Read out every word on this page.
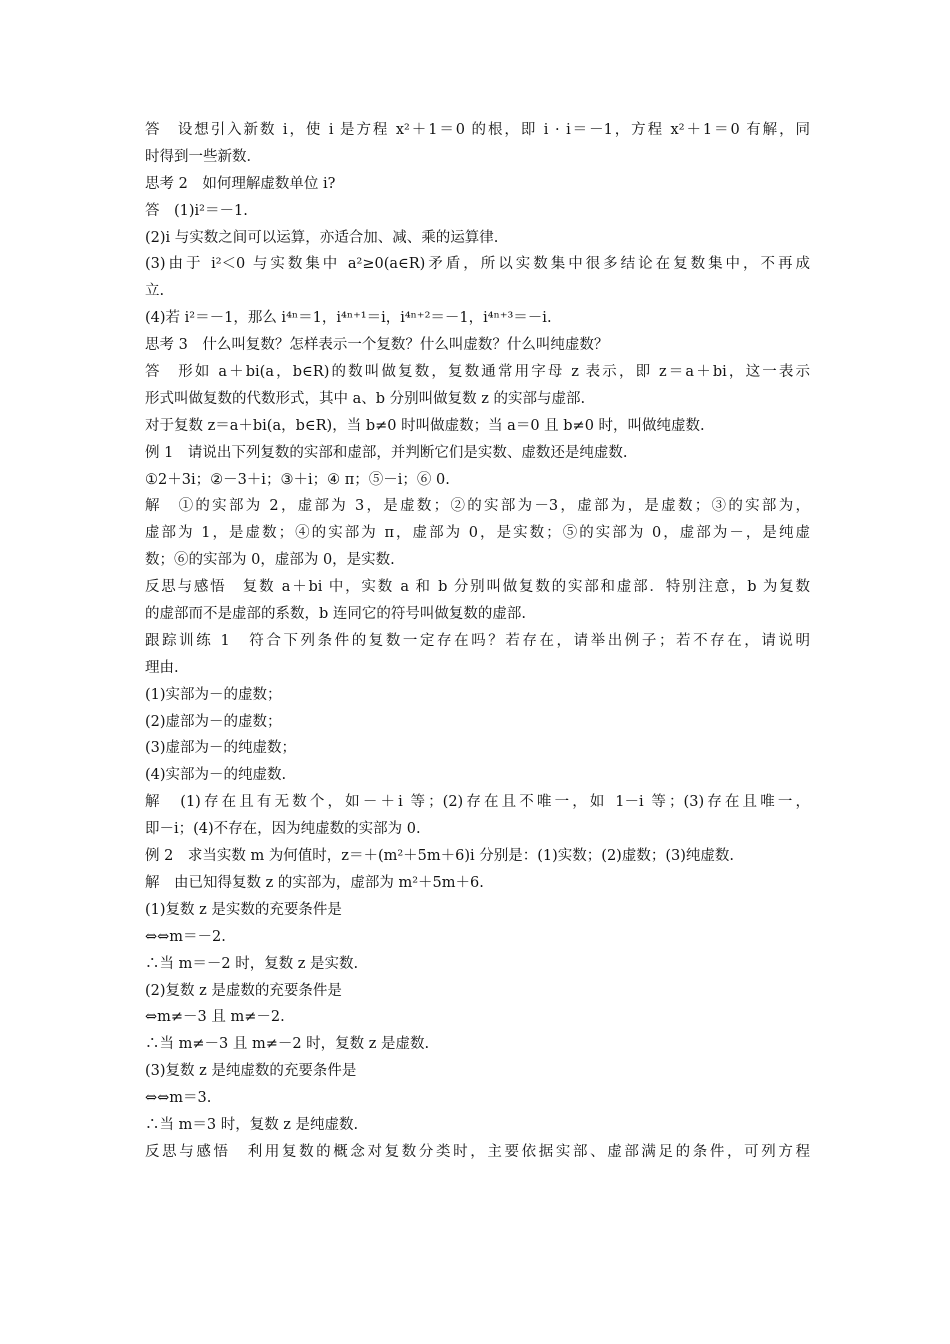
答　设想引入新数 i，使 i 是方程 x²＋1＝0 的根，即 i · i＝－1，方程 x²＋1＝0 有解，同
时得到一些新数．
思考 2　如何理解虚数单位 i?
答　(1)i²＝－1.
(2)i 与实数之间可以运算，亦适合加、减、乘的运算律.
(3)由于 i²＜0 与实数集中 a²≥0(a∈R)矛盾，所以实数集中很多结论在复数集中，不再成
立.
(4)若 i²＝－1，那么 i⁴ⁿ＝1，i⁴ⁿ⁺¹＝i，i⁴ⁿ⁺²＝－1，i⁴ⁿ⁺³＝－i.
思考 3　什么叫复数？怎样表示一个复数？什么叫虚数？什么叫纯虚数？
答　形如 a＋bi(a，b∈R)的数叫做复数，复数通常用字母 z 表示，即 z＝a＋bi，这一表示
形式叫做复数的代数形式，其中 a、b 分别叫做复数 z 的实部与虚部.
对于复数 z＝a＋bi(a，b∈R)，当 b≠0 时叫做虚数；当 a＝0 且 b≠0 时，叫做纯虚数.
例 1　请说出下列复数的实部和虚部，并判断它们是实数、虚数还是纯虚数.
①2＋3i；②－3＋i；③＋i；④ π；⑤－i；⑥ 0.
解　①的实部为 2，虚部为 3，是虚数；②的实部为－3，虚部为，是虚数；③的实部为，
虚部为 1，是虚数；④的实部为 π，虚部为 0，是实数；⑤的实部为 0，虚部为－，是纯虚
数；⑥的实部为 0，虚部为 0，是实数.
反思与感悟　复数 a＋bi 中，实数 a 和 b 分别叫做复数的实部和虚部．特别注意，b 为复数
的虚部而不是虚部的系数，b 连同它的符号叫做复数的虚部.
跟踪训练 1　符合下列条件的复数一定存在吗？若存在，请举出例子；若不存在，请说明
理由.
(1)实部为－的虚数；
(2)虚部为－的虚数；
(3)虚部为－的纯虚数；
(4)实部为－的纯虚数.
解　(1)存在且有无数个，如－＋i 等；(2)存在且不唯一，如 1－i 等；(3)存在且唯一，
即－i；(4)不存在，因为纯虚数的实部为 0.
例 2　求当实数 m 为何值时，z＝＋(m²＋5m＋6)i 分别是：(1)实数；(2)虚数；(3)纯虚数.
解　由已知得复数 z 的实部为，虚部为 m²＋5m＋6.
(1)复数 z 是实数的充要条件是
⇔⇔m＝－2.
∴当 m＝－2 时，复数 z 是实数.
(2)复数 z 是虚数的充要条件是
⇔m≠－3 且 m≠－2.
∴当 m≠－3 且 m≠－2 时，复数 z 是虚数.
(3)复数 z 是纯虚数的充要条件是
⇔⇔m＝3.
∴当 m＝3 时，复数 z 是纯虚数.
反思与感悟　利用复数的概念对复数分类时，主要依据实部、虚部满足的条件，可列方程
